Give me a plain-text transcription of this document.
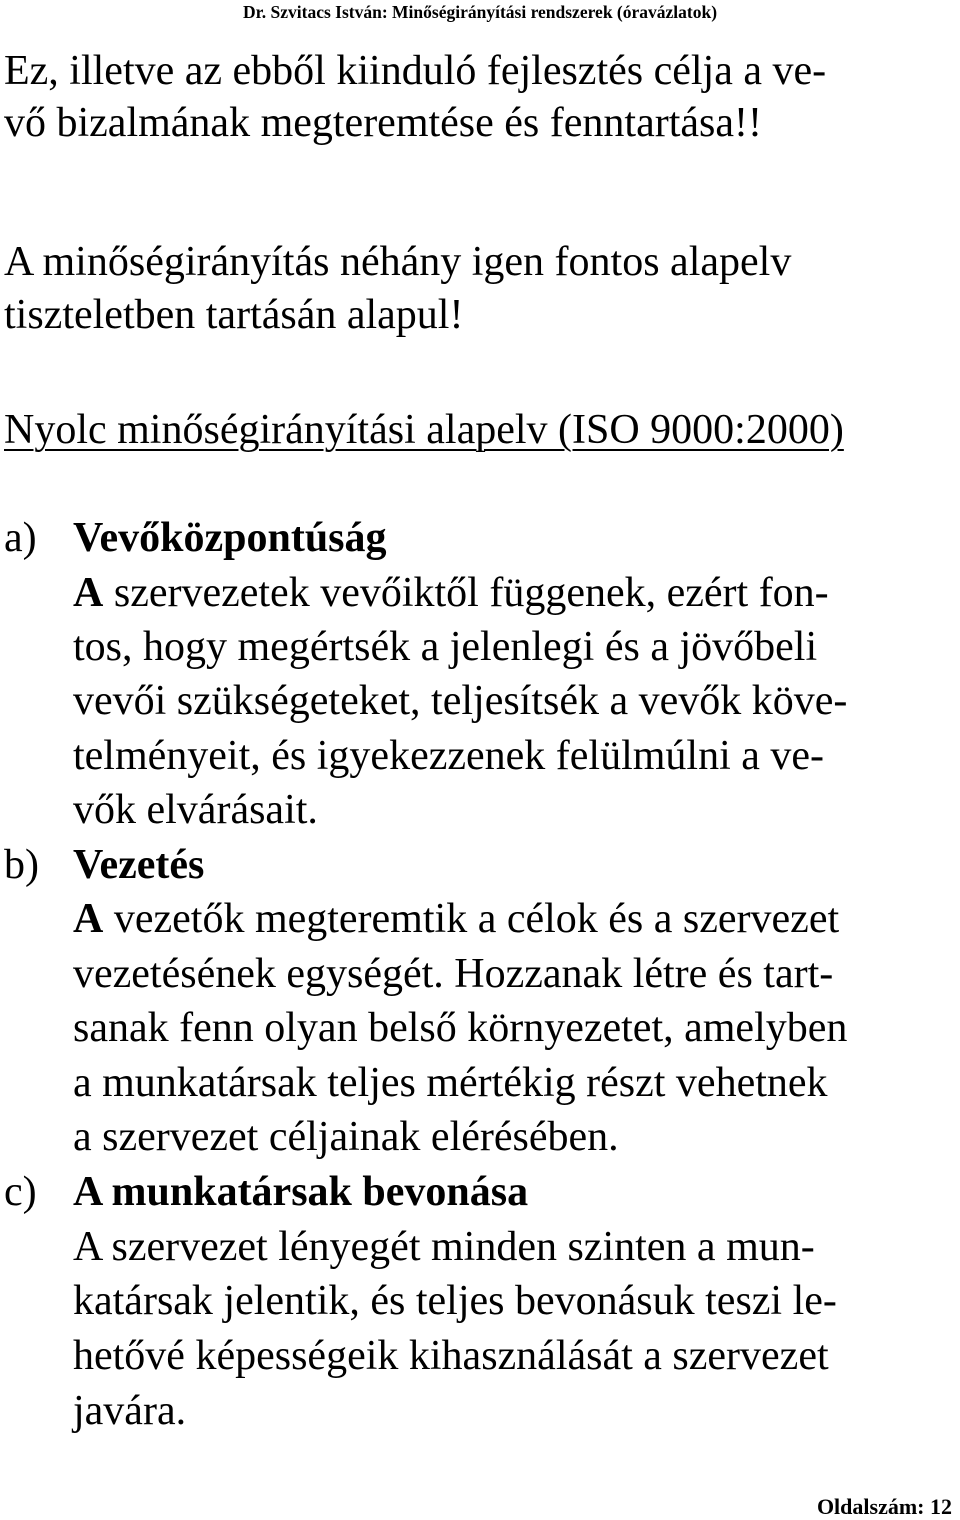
Dr. Szvitacs István: Minőségirányítási rendszerek (óravázlatok)
Ez, illetve az ebből kiinduló fejlesztés célja a ve-
vő bizalmának megteremtése és fenntartása!!
A minőségirányítás néhány igen fontos alapelv
tiszteletben tartásán alapul!
Nyolc minőségirányítási alapelv (ISO 9000:2000)
a) Vevőközpontúság
A szervezetek vevőiktől függenek, ezért fon-
tos, hogy megértsék a jelenlegi és a jövőbeli
vevői szükségeteket, teljesítsék a vevők köve-
telményeit, és igyekezzenek felülmúlni a ve-
vők elvárásait.
b) Vezetés
A vezetők megteremtik a célok és a szervezet
vezetésének egységét. Hozzanak létre és tart-
sanak fenn olyan belső környezetet, amelyben
a munkatársak teljes mértékig részt vehetnek
a szervezet céljainak elérésében.
c) A munkatársak bevonása
A szervezet lényegét minden szinten a mun-
katársak jelentik, és teljes bevonásuk teszi le-
hetővé képességeik kihasználását a szervezet
javára.
Oldalszám: 12
